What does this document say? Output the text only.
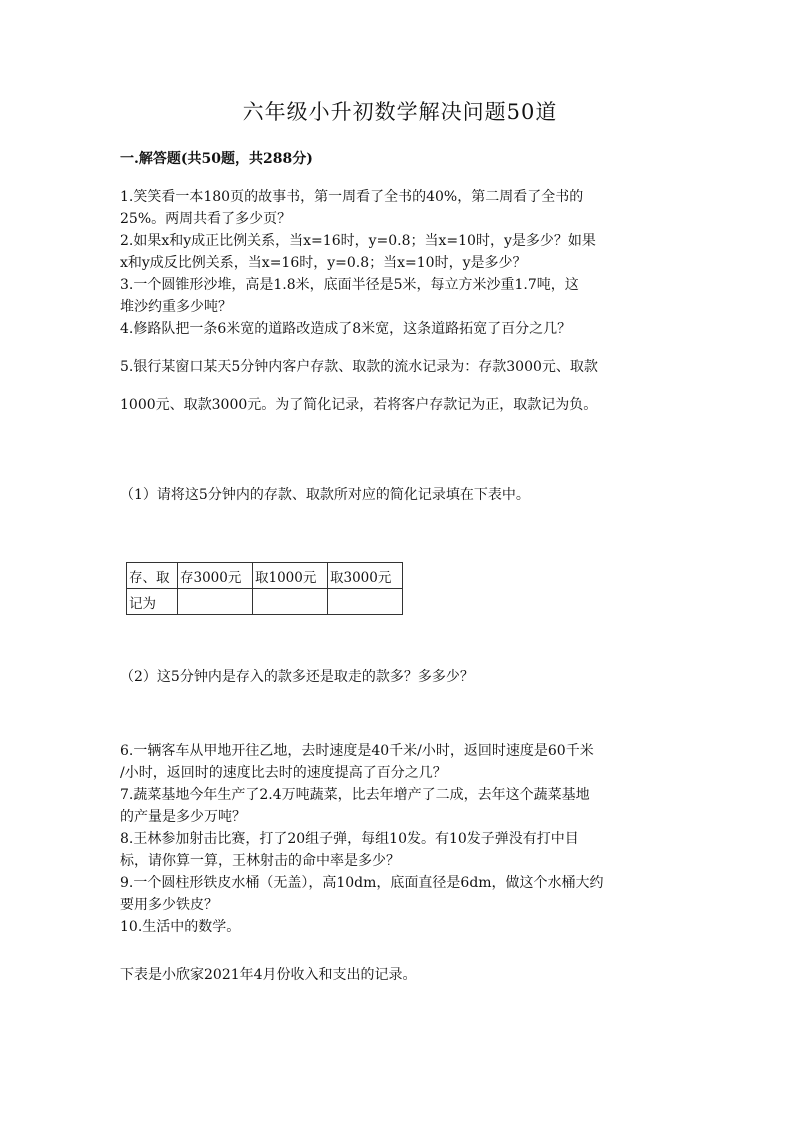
六年级小升初数学解决问题50道
一.解答题(共50题，共288分)

1.笑笑看一本180页的故事书，第一周看了全书的40%，第二周看了全书的

25%。两周共看了多少页？

2.如果x和y成正比例关系，当x=16时，y=0.8；当x=10时，y是多少？如果

x和y成反比例关系，当x=16时，y=0.8；当x=10时，y是多少？

3.一个圆锥形沙堆，高是1.8米，底面半径是5米，每立方米沙重1.7吨，这

堆沙约重多少吨？

4.修路队把一条6米宽的道路改造成了8米宽，这条道路拓宽了百分之几？

5.银行某窗口某天5分钟内客户存款、取款的流水记录为：存款3000元、取款
1000元、取款3000元。为了简化记录，若将客户存款记为正，取款记为负。
（1）请将这5分钟内的存款、取款所对应的简化记录填在下表中。
存、取	存3000元	取1000元	取3000元
记为			
（2）这5分钟内是存入的款多还是取走的款多？多多少？

6.一辆客车从甲地开往乙地，去时速度是40千米/小时，返回时速度是60千米

/小时，返回时的速度比去时的速度提高了百分之几？

7.蔬菜基地今年生产了2.4万吨蔬菜，比去年增产了二成，去年这个蔬菜基地

的产量是多少万吨？

8.王林参加射击比赛，打了20组子弹，每组10发。有10发子弹没有打中目

标，请你算一算，王林射击的命中率是多少？

9.一个圆柱形铁皮水桶（无盖），高10dm，底面直径是6dm，做这个水桶大约

要用多少铁皮？

10.生活中的数学。

下表是小欣家2021年4月份收入和支出的记录。
